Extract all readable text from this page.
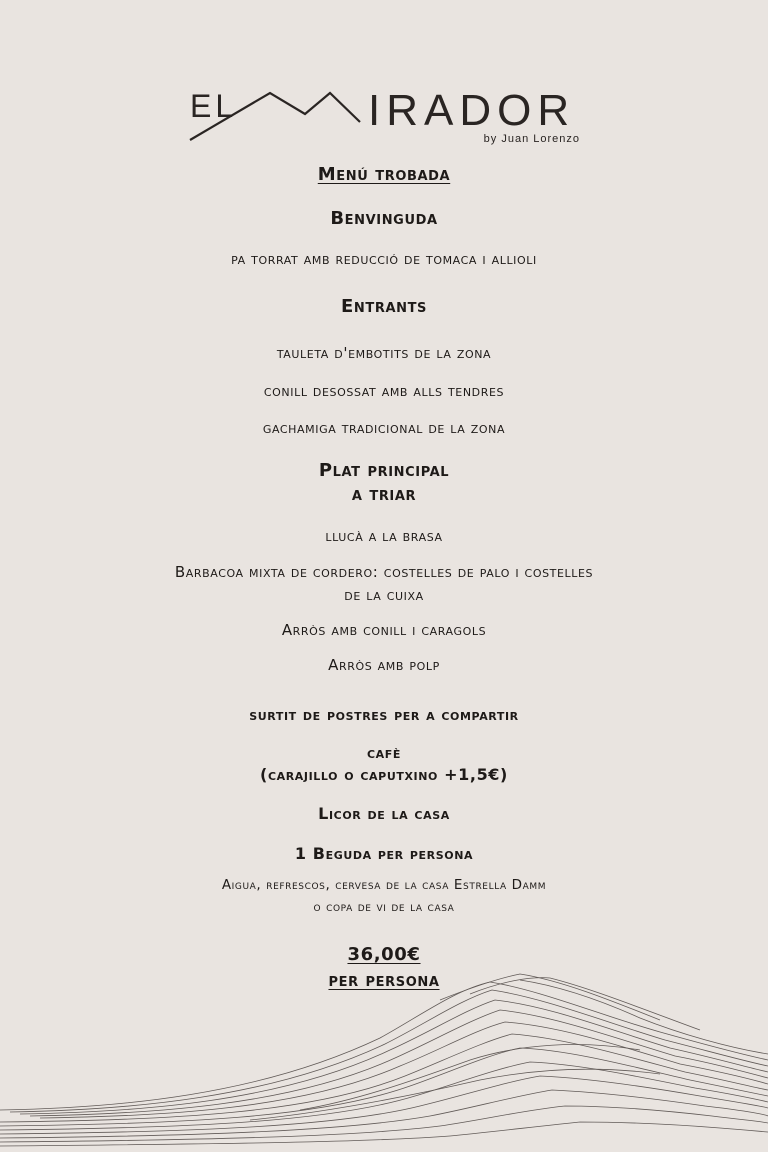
EL	IRADOR
by Juan Lorenzo
Menú trobada
Benvinguda
pa torrat amb reducció de tomaca i allioli
Entrants
tauleta d'embotits de la zona
conill desossat amb alls tendres
gachamiga tradicional de la zona
Plat principal
a triar
llucà a la brasa
Barbacoa mixta de cordero: costelles de palo i costelles
de la cuixa
Arròs amb conill i caragols
Arròs amb polp
surtit de postres per a compartir
cafè
(carajillo o caputxino +1,5€)
Licor de la casa
1 Beguda per persona
Aigua, refrescos, cervesa de la casa Estrella Damm
o copa de vi de la casa
36,00€
per persona
